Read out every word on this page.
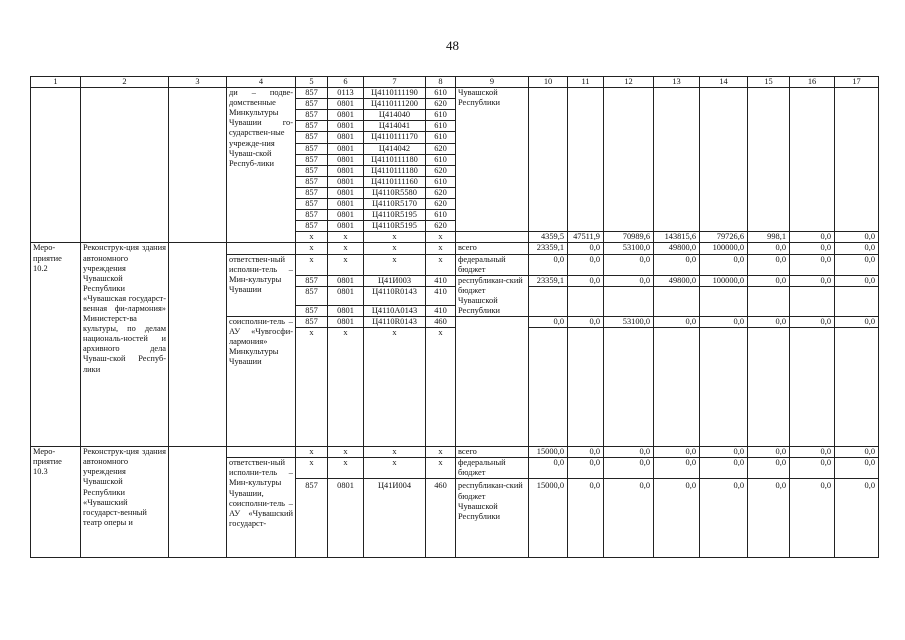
48
1	2	3	4	5	6	7	8	9	10	11	12	13	14	15	16	17
			ди – подве-домственные Минкультуры Чувашии го-сударствен-ные учрежде-ния Чуваш-ской Респуб-лики	857	0113	Ц4110111190	610	Чувашской Республики								
				857	0801	Ц4110111200	620									
				857	0801	Ц414040	610									
				857	0801	Ц414041	610									
				857	0801	Ц4110111170	610									
				857	0801	Ц414042	620									
				857	0801	Ц4110111180	610									
				857	0801	Ц4110111180	620									
				857	0801	Ц4110111160	610									
				857	0801	Ц4110R5580	620									
				857	0801	Ц4110R5170	620									
				857	0801	Ц4110R5195	610									
				857	0801	Ц4110R5195	620									
				x	x	x	x		4359,5	47511,9	70989,6	143815,6	79726,6	998,1	0,0	0,0
Меро-приятие 10.2	Реконструк-ция здания автономного учреждения Чувашской Республики «Чувашская государст-венная фи-лармония» Министерст-ва культуры, по делам националь-ностей и архивного дела Чуваш-ской Респуб-лики			x	x	x	x	всего	23359,1	0,0	53100,0	49800,0	100000,0	0,0	0,0	0,0
			ответствен-ный исполни-тель – Мин-культуры Чувашии	x	x	x	x	федеральный бюджет	0,0	0,0	0,0	0,0	0,0	0,0	0,0	0,0
				857	0801	Ц41И003	410	республикан-ский бюджет Чувашской Республики	23359,1	0,0	0,0	49800,0	100000,0	0,0	0,0	0,0
				857	0801	Ц4110R0143	410									
				857	0801	Ц4110А0143	410									
			соисполни-тель – АУ «Чувгосфи-лармония» Минкультуры Чувашии	857	0801	Ц4110R0143	460		0,0	0,0	53100,0	0,0	0,0	0,0	0,0	0,0
				x	x	x	x									
Меро-приятие 10.3	Реконструк-ция здания автономного учреждения Чувашской Республики «Чувашский государст-венный театр оперы и			x	x	x	x	всего	15000,0	0,0	0,0	0,0	0,0	0,0	0,0	0,0
			ответствен-ный исполни-тель – Мин-культуры Чувашии, соисполни-тель – АУ «Чувашский государст-	x	x	x	x	федеральный бюджет	0,0	0,0	0,0	0,0	0,0	0,0	0,0	0,0
				857	0801	Ц41И004	460	республикан-ский бюджет Чувашской Республики	15000,0	0,0	0,0	0,0	0,0	0,0	0,0	0,0
